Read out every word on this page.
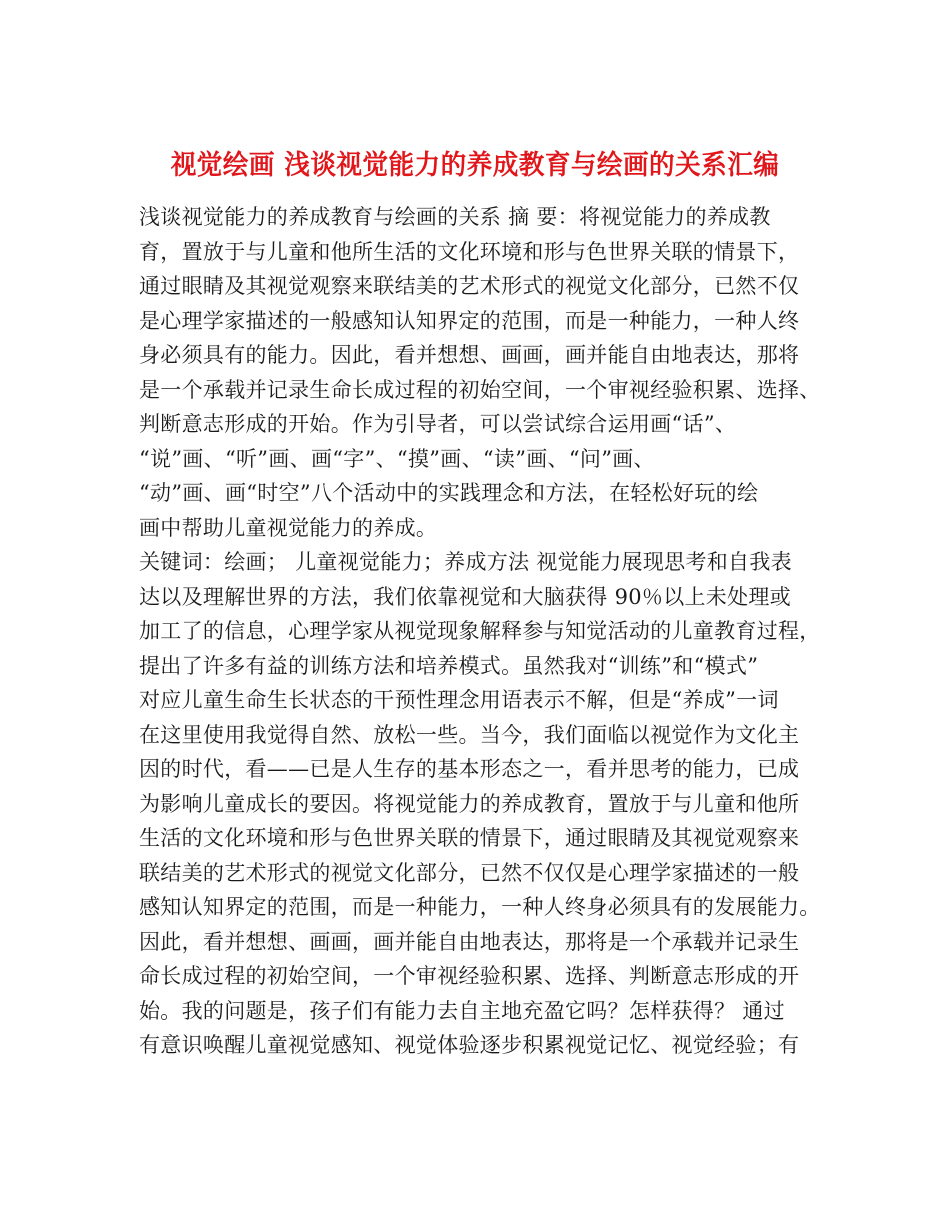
视觉绘画 浅谈视觉能力的养成教育与绘画的关系汇编
浅谈视觉能力的养成教育与绘画的关系 摘 要：将视觉能力的养成教
育，置放于与儿童和他所生活的文化环境和形与色世界关联的情景下，
通过眼睛及其视觉观察来联结美的艺术形式的视觉文化部分，已然不仅
是心理学家描述的一般感知认知界定的范围，而是一种能力，一种人终
身必须具有的能力。因此，看并想想、画画，画并能自由地表达，那将
是一个承载并记录生命长成过程的初始空间，一个审视经验积累、选择、
判断意志形成的开始。作为引导者，可以尝试综合运用画“话”、
“说”画、“听”画、画“字”、“摸”画、“读”画、“问”画、
“动”画、画“时空”八个活动中的实践理念和方法，在轻松好玩的绘
画中帮助儿童视觉能力的养成。
关键词：绘画； 儿童视觉能力；养成方法 视觉能力展现思考和自我表
达以及理解世界的方法，我们依靠视觉和大脑获得 90％以上未处理或
加工了的信息，心理学家从视觉现象解释参与知觉活动的儿童教育过程，
提出了许多有益的训练方法和培养模式。虽然我对“训练”和“模式”
对应儿童生命生长状态的干预性理念用语表示不解，但是“养成”一词
在这里使用我觉得自然、放松一些。当今，我们面临以视觉作为文化主
因的时代，看——已是人生存的基本形态之一，看并思考的能力，已成
为影响儿童成长的要因。将视觉能力的养成教育，置放于与儿童和他所
生活的文化环境和形与色世界关联的情景下，通过眼睛及其视觉观察来
联结美的艺术形式的视觉文化部分，已然不仅仅是心理学家描述的一般
感知认知界定的范围，而是一种能力，一种人终身必须具有的发展能力。
因此，看并想想、画画，画并能自由地表达，那将是一个承载并记录生
命长成过程的初始空间，一个审视经验积累、选择、判断意志形成的开
始。我的问题是，孩子们有能力去自主地充盈它吗？怎样获得？ 通过
有意识唤醒儿童视觉感知、视觉体验逐步积累视觉记忆、视觉经验；有
